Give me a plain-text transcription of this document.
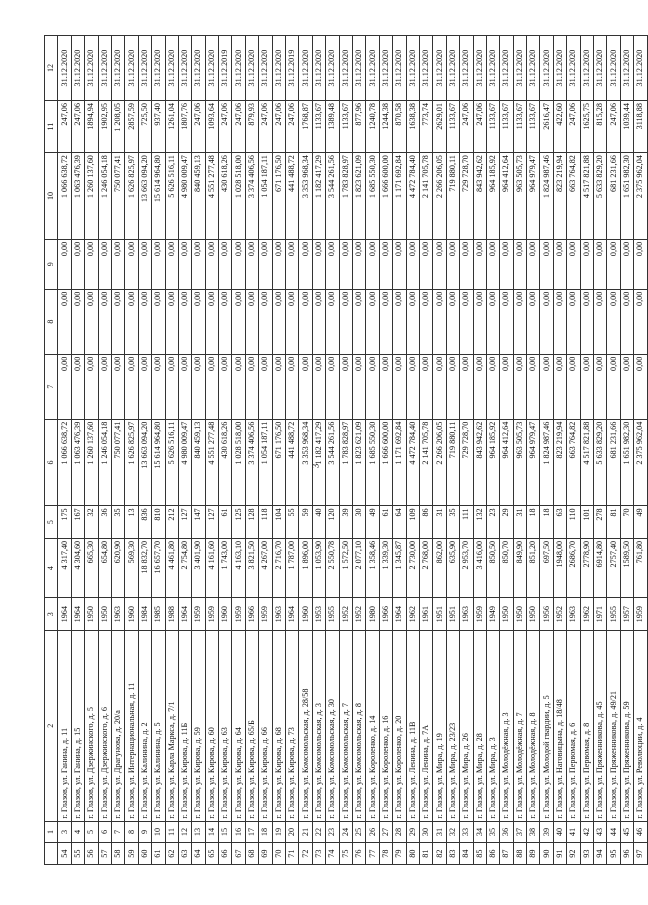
3
	1	2	3	4	5	6	7	8	9	10	11	12
54	3	г. Глазов, ул. Ганина, д. 11	1964	4 317,40	175	1 066 638,72	0,00	0,00	0,00	1 066 638,72	247,06	31.12.2020
55	4	г. Глазов, ул. Ганина, д. 15	1964	4 304,60	167	1 063 476,39	0,00	0,00	0,00	1 063 476,39	247,06	31.12.2020
56	5	г. Глазов, ул. Дзержинского, д. 5	1950	665,30	32	1 260 137,60	0,00	0,00	0,00	1 260 137,60	1894,94	31.12.2020
57	6	г. Глазов, ул. Дзержинского, д. 6	1950	654,80	36	1 246 054,18	0,00	0,00	0,00	1 246 054,18	1902,95	31.12.2020
58	7	г. Глазов, ул. Драгунова, д. 20/а	1963	620,90	35	750 077,41	0,00	0,00	0,00	750 077,41	1 208,05	31.12.2020
59	8	г. Глазов, ул. Интернациональная, д. 11	1960	569,30	13	1 626 825,97	0,00	0,00	0,00	1 626 825,97	2857,59	31.12.2020
60	9	г. Глазов, ул. Калинина, д. 2	1984	18 832,70	836	13 663 094,20	0,00	0,00	0,00	13 663 094,20	725,50	31.12.2020
61	10	г. Глазов, ул. Калинина, д. 5	1985	16 657,70	810	15 614 964,80	0,00	0,00	0,00	15 614 964,80	937,40	31.12.2020
62	11	г. Глазов, ул. Карла Маркса, д. 7/1	1988	4 461,80	212	5 626 516,11	0,00	0,00	0,00	5 626 516,11	1261,04	31.12.2020
63	12	г. Глазов, ул. Кирова, д. 11Б	1964	2 754,80	127	4 980 009,47	0,00	0,00	0,00	4 980 009,47	1807,76	31.12.2020
64	13	г. Глазов, ул. Кирова, д. 59	1959	3 401,90	147	840 459,13	0,00	0,00	0,00	840 459,13	247,06	31.12.2020
65	14	г. Глазов, ул. Кирова, д. 60	1959	4 161,60	127	4 551 277,48	0,00	0,00	0,00	4 551 277,48	1093,64	31.12.2020
66	15	г. Глазов, ул. Кирова, д. 63	1960	1 743,00	61	430 618,26	0,00	0,00	0,00	430 618,26	247,06	31.12.2019
67	16	г. Глазов, ул. Кирова, д. 64	1959	4 163,10	125	1 028 518,00	0,00	0,00	0,00	1 028 518,00	247,06	31.12.2020
68	17	г. Глазов, ул. Кирова, д. 65/Б	1966	3 821,50	128	3 374 406,56	0,00	0,00	0,00	3 374 406,56	879,93	31.12.2020
69	18	г. Глазов, ул. Кирова, д. 66	1959	4 267,00	118	1 054 187,11	0,00	0,00	0,00	1 054 187,11	247,06	31.12.2020
70	19	г. Глазов, ул. Кирова, д. 68	1963	2 716,70	104	671 176,50	0,00	0,00	0,00	671 176,50	247,06	31.12.2020
71	20	г. Глазов, ул. Кирова, д. 73	1964	1 787,00	55	441 488,72	0,00	0,00	0,00	441 488,72	247,06	31.12.2019
72	21	г. Глазов, ул. Комсомольская, д. 28/58	1960	1 896,00	59	3 353 968,34	0,00	0,00	0,00	3 353 968,34	1768,87	31.12.2020
73	22	г. Глазов, ул. Комсомольская, д. 3	1953	1 053,90	40	1 182 417,29	0,00	0,00	0,00	1 182 417,29	1133,67	31.12.2020
74	23	г. Глазов, ул. Комсомольская, д. 30	1955	2 550,78	120	3 544 261,56	0,00	0,00	0,00	3 544 261,56	1389,48	31.12.2020
75	24	г. Глазов, ул. Комсомольская, д. 7	1952	1 572,50	39	1 783 828,97	0,00	0,00	0,00	1 783 828,97	1133,67	31.12.2020
76	25	г. Глазов, ул. Комсомольская, д. 8	1952	2 077,10	30	1 823 621,09	0,00	0,00	0,00	1 823 621,09	877,96	31.12.2020
77	26	г. Глазов, ул. Короленко, д. 14	1980	1 358,46	49	1 685 550,30	0,00	0,00	0,00	1 685 550,30	1240,78	31.12.2020
78	27	г. Глазов, ул. Короленко, д. 16	1966	1 339,30	61	1 666 600,00	0,00	0,00	0,00	1 666 600,00	1244,38	31.12.2020
79	28	г. Глазов, ул. Короленко, д. 20	1964	1 345,87	64	1 171 692,84	0,00	0,00	0,00	1 171 692,84	870,58	31.12.2020
80	29	г. Глазов, ул. Ленина, д. 11В	1962	2 730,00	109	4 472 784,40	0,00	0,00	0,00	4 472 784,40	1638,38	31.12.2020
81	30	г. Глазов, ул. Ленина, д. 7А	1961	2 768,00	86	2 141 705,78	0,00	0,00	0,00	2 141 705,78	773,74	31.12.2020
82	31	г. Глазов, ул. Мира, д. 19	1951	862,00	31	2 266 206,05	0,00	0,00	0,00	2 266 206,05	2629,01	31.12.2020
83	32	г. Глазов, ул. Мира, д. 23/23	1951	635,90	35	719 880,11	0,00	0,00	0,00	719 880,11	1133,67	31.12.2020
84	33	г. Глазов, ул. Мира, д. 26	1963	2 953,70	111	729 728,70	0,00	0,00	0,00	729 728,70	247,06	31.12.2020
85	34	г. Глазов, ул. Мира, д. 28	1959	3 416,00	132	843 942,62	0,00	0,00	0,00	843 942,62	247,06	31.12.2020
86	35	г. Глазов, ул. Мира, д. 3	1949	850,50	23	964 185,92	0,00	0,00	0,00	964 185,92	1133,67	31.12.2020
87	36	г. Глазов, ул. Молодёжная, д. 3	1950	850,70	29	964 412,64	0,00	0,00	0,00	964 412,64	1133,67	31.12.2020
88	37	г. Глазов, ул. Молодёжная, д. 7	1950	849,90	31	963 505,73	0,00	0,00	0,00	963 505,73	1133,67	31.12.2020
89	38	г. Глазов, ул. Молодёжная, д. 8	1950	851,20	18	964 979,47	0,00	0,00	0,00	964 979,47	1133,67	31.12.2020
90	39	г. Глазов, ул. Молодой гвардии, д. 5	1956	697,50	18	1 824 987,46	0,00	0,00	0,00	1 824 987,46	2616,47	31.12.2020
91	40	г. Глазов, ул. Наговицына, д. 18/48	1952	1948,00	63	823 219,94	0,00	0,00	0,00	823 219,94	422,60	31.12.2020
92	41	г. Глазов, ул. Первомая, д. 6	1963	2686,70	110	663 764,82	0,00	0,00	0,00	663 764,82	247,06	31.12.2020
93	42	г. Глазов, ул. Первомая, д. 8	1962	2778,90	101	4 517 821,88	0,00	0,00	0,00	4 517 821,88	1625,75	31.12.2020
94	43	г. Глазов, ул. Пряженникова, д. 45	1971	6914,80	278	5 633 829,20	0,00	0,00	0,00	5 633 829,20	815,28	31.12.2020
95	44	г. Глазов, ул. Пряженникова, д. 49/21	1955	2757,40	81	681 231,66	0,00	0,00	0,00	681 231,66	247,06	31.12.2020
96	45	г. Глазов, ул. Пряженникова, д. 59	1957	1589,50	70	1 651 982,30	0,00	0,00	0,00	1 651 982,30	1039,44	31.12.2020
97	46	г. Глазов, ул. Революции, д. 4	1959	761,80	49	2 375 962,04	0,00	0,00	0,00	2 375 962,04	3118,88	31.12.2020
